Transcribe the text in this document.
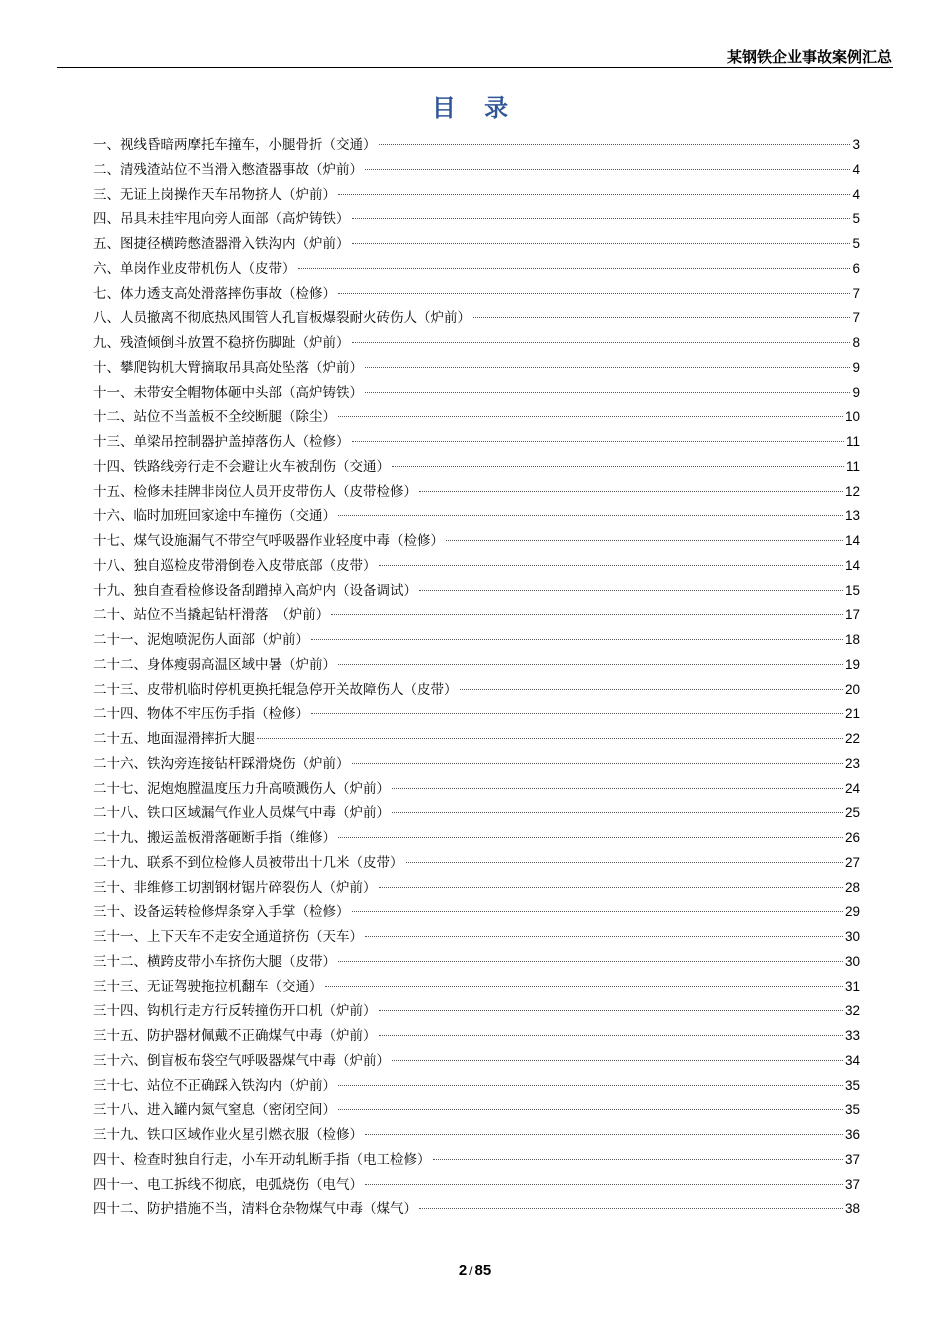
某钢铁企业事故案例汇总
目 录
一、视线昏暗两摩托车撞车，小腿骨折（交通）	3
二、清残渣站位不当滑入憋渣器事故（炉前）	4
三、无证上岗操作天车吊物挤人（炉前）	4
四、吊具未挂牢甩向旁人面部（高炉铸铁）	5
五、图捷径横跨憋渣器滑入铁沟内（炉前）	5
六、单岗作业皮带机伤人（皮带）	6
七、体力透支高处滑落摔伤事故（检修）	7
八、人员撤离不彻底热风围管人孔盲板爆裂耐火砖伤人（炉前）	7
九、残渣倾倒斗放置不稳挤伤脚趾（炉前）	8
十、攀爬钩机大臂摘取吊具高处坠落（炉前）	9
十一、未带安全帽物体砸中头部（高炉铸铁）	9
十二、站位不当盖板不全绞断腿（除尘）	10
十三、单梁吊控制器护盖掉落伤人（检修）	11
十四、铁路线旁行走不会避让火车被刮伤（交通）	11
十五、检修未挂牌非岗位人员开皮带伤人（皮带检修）	12
十六、临时加班回家途中车撞伤（交通）	13
十七、煤气设施漏气不带空气呼吸器作业轻度中毒（检修）	14
十八、独自巡检皮带滑倒卷入皮带底部（皮带）	14
十九、独自查看检修设备刮蹭掉入高炉内（设备调试）	15
二十、站位不当撬起钻杆滑落　（炉前）	17
二十一、泥炮喷泥伤人面部（炉前）	18
二十二、身体瘦弱高温区域中暑（炉前）	19
二十三、皮带机临时停机更换托辊急停开关故障伤人（皮带）	20
二十四、物体不牢压伤手指（检修）	21
二十五、地面湿滑摔折大腿	22
二十六、铁沟旁连接钻杆踩滑烧伤（炉前）	23
二十七、泥炮炮膛温度压力升高喷溅伤人（炉前）	24
二十八、铁口区域漏气作业人员煤气中毒（炉前）	25
二十九、搬运盖板滑落砸断手指（维修）	26
二十九、联系不到位检修人员被带出十几米（皮带）	27
三十、非维修工切割钢材锯片碎裂伤人（炉前）	28
三十、设备运转检修焊条穿入手掌（检修）	29
三十一、上下天车不走安全通道挤伤（天车）	30
三十二、横跨皮带小车挤伤大腿（皮带）	30
三十三、无证驾驶拖拉机翻车（交通）	31
三十四、钩机行走方行反转撞伤开口机（炉前）	32
三十五、防护器材佩戴不正确煤气中毒（炉前）	33
三十六、倒盲板布袋空气呼吸器煤气中毒（炉前）	34
三十七、站位不正确踩入铁沟内（炉前）	35
三十八、进入罐内氮气窒息（密闭空间）	35
三十九、铁口区域作业火星引燃衣服（检修）	36
四十、检查时独自行走，小车开动轧断手指（电工检修）	37
四十一、电工拆线不彻底，电弧烧伤（电气）	37
四十二、防护措施不当，清料仓杂物煤气中毒（煤气）	38
2 / 85
